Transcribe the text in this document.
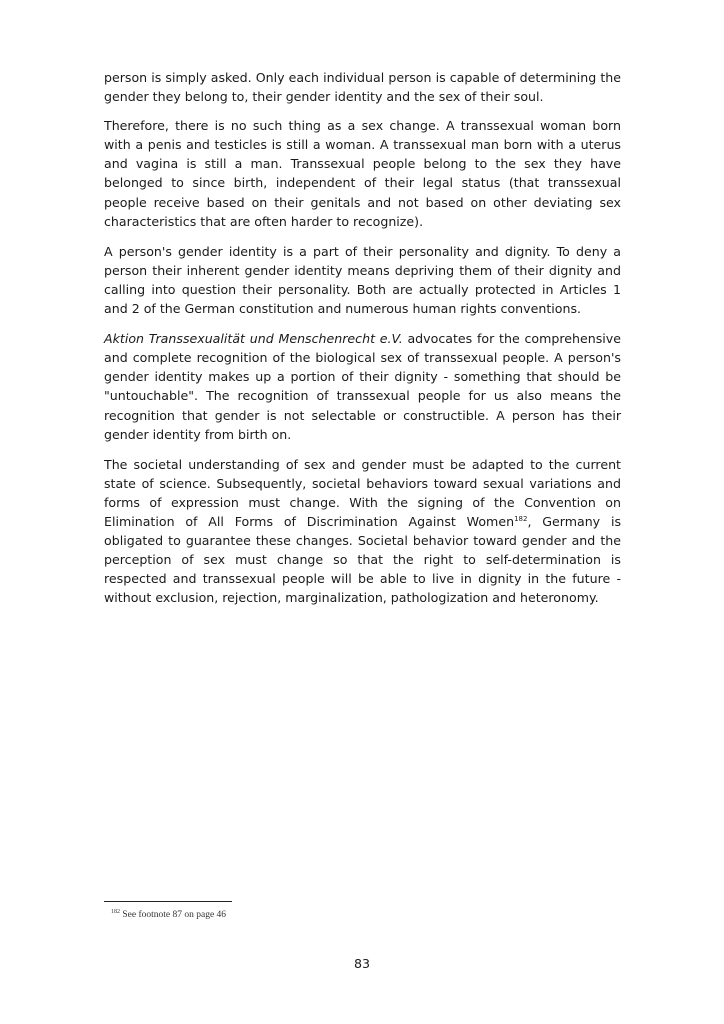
person is simply asked. Only each individual person is capable of determining the gender they belong to, their gender identity and the sex of their soul.

Therefore, there is no such thing as a sex change. A transsexual woman born with a penis and testicles is still a woman. A transsexual man born with a uterus and vagina is still a man. Transsexual people belong to the sex they have belonged to since birth, independent of their legal status (that transsexual people receive based on their genitals and not based on other deviating sex characteristics that are often harder to recognize).

A person's gender identity is a part of their personality and dignity. To deny a person their inherent gender identity means depriving them of their dignity and calling into question their personality. Both are actually protected in Articles 1 and 2 of the German constitution and numerous human rights conventions.

Aktion Transsexualität und Menschenrecht e.V. advocates for the comprehensive and complete recognition of the biological sex of transsexual people. A person's gender identity makes up a portion of their dignity - something that should be "untouchable". The recognition of transsexual people for us also means the recognition that gender is not selectable or constructible. A person has their gender identity from birth on.

The societal understanding of sex and gender must be adapted to the current state of science. Subsequently, societal behaviors toward sexual variations and forms of expression must change. With the signing of the Convention on Elimination of All Forms of Discrimination Against Women$^{182}$, Germany is obligated to guarantee these changes. Societal behavior toward gender and the perception of sex must change so that the right to self-determination is respected and transsexual people will be able to live in dignity in the future - without exclusion, rejection, marginalization, pathologization and heteronomy.

$^{182}$ See footnote 87 on page 46
83
